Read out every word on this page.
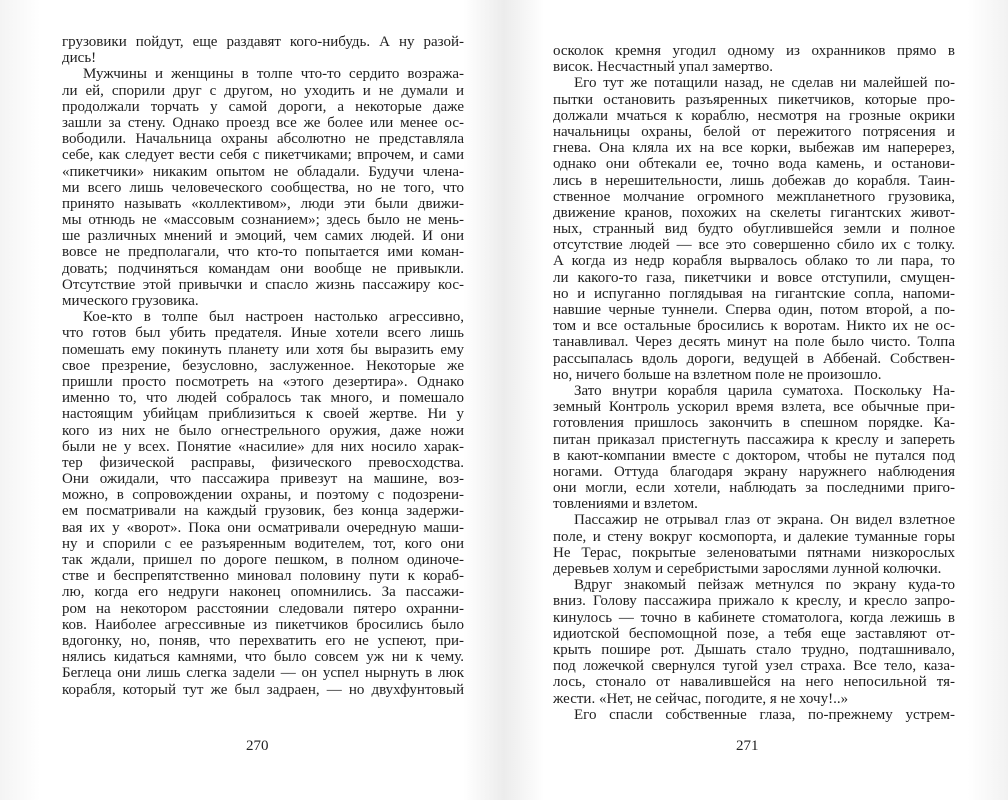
грузовики пойдут, еще раздавят кого-нибудь. А ну разой-
дись!
Мужчины и женщины в толпе что-то сердито возража-
ли ей, спорили друг с другом, но уходить и не думали и
продолжали торчать у самой дороги, а некоторые даже
зашли за стену. Однако проезд все же более или менее ос-
вободили. Начальница охраны абсолютно не представляла
себе, как следует вести себя с пикетчиками; впрочем, и сами
«пикетчики» никаким опытом не обладали. Будучи члена-
ми всего лишь человеческого сообщества, но не того, что
принято называть «коллективом», люди эти были движи-
мы отнюдь не «массовым сознанием»; здесь было не мень-
ше различных мнений и эмоций, чем самих людей. И они
вовсе не предполагали, что кто-то попытается ими коман-
довать; подчиняться командам они вообще не привыкли.
Отсутствие этой привычки и спасло жизнь пассажиру кос-
мического грузовика.
Кое-кто в толпе был настроен настолько агрессивно,
что готов был убить предателя. Иные хотели всего лишь
помешать ему покинуть планету или хотя бы выразить ему
свое презрение, безусловно, заслуженное. Некоторые же
пришли просто посмотреть на «этого дезертира». Однако
именно то, что людей собралось так много, и помешало
настоящим убийцам приблизиться к своей жертве. Ни у
кого из них не было огнестрельного оружия, даже ножи
были не у всех. Понятие «насилие» для них носило харак-
тер физической расправы, физического превосходства.
Они ожидали, что пассажира привезут на машине, воз-
можно, в сопровождении охраны, и поэтому с подозрени-
ем посматривали на каждый грузовик, без конца задержи-
вая их у «ворот». Пока они осматривали очередную маши-
ну и спорили с ее разъяренным водителем, тот, кого они
так ждали, пришел по дороге пешком, в полном одиноче-
стве и беспрепятственно миновал половину пути к кораб-
лю, когда его недруги наконец опомнились. За пассажи-
ром на некотором расстоянии следовали пятеро охранни-
ков. Наиболее агрессивные из пикетчиков бросились было
вдогонку, но, поняв, что перехватить его не успеют, при-
нялись кидаться камнями, что было совсем уж ни к чему.
Беглеца они лишь слегка задели — он успел нырнуть в люк
корабля, который тут же был задраен, — но двухфунтовый
осколок кремня угодил одному из охранников прямо в
висок. Несчастный упал замертво.
Его тут же потащили назад, не сделав ни малейшей по-
пытки остановить разъяренных пикетчиков, которые про-
должали мчаться к кораблю, несмотря на грозные окрики
начальницы охраны, белой от пережитого потрясения и
гнева. Она кляла их на все корки, выбежав им наперерез,
однако они обтекали ее, точно вода камень, и останови-
лись в нерешительности, лишь добежав до корабля. Таин-
ственное молчание огромного межпланетного грузовика,
движение кранов, похожих на скелеты гигантских живот-
ных, странный вид будто обуглившейся земли и полное
отсутствие людей — все это совершенно сбило их с толку.
А когда из недр корабля вырвалось облако то ли пара, то
ли какого-то газа, пикетчики и вовсе отступили, смущен-
но и испуганно поглядывая на гигантские сопла, напоми-
навшие черные туннели. Сперва один, потом второй, а по-
том и все остальные бросились к воротам. Никто их не ос-
танавливал. Через десять минут на поле было чисто. Толпа
рассыпалась вдоль дороги, ведущей в Аббенай. Собствен-
но, ничего больше на взлетном поле не произошло.
Зато внутри корабля царила суматоха. Поскольку На-
земный Контроль ускорил время взлета, все обычные при-
готовления пришлось закончить в спешном порядке. Ка-
питан приказал пристегнуть пассажира к креслу и запереть
в кают-компании вместе с доктором, чтобы не путался под
ногами. Оттуда благодаря экрану наружнего наблюдения
они могли, если хотели, наблюдать за последними приго-
товлениями и взлетом.
Пассажир не отрывал глаз от экрана. Он видел взлетное
поле, и стену вокруг космопорта, и далекие туманные горы
Не Терас, покрытые зеленоватыми пятнами низкорослых
деревьев холум и серебристыми зарослями лунной колючки.
Вдруг знакомый пейзаж метнулся по экрану куда-то
вниз. Голову пассажира прижало к креслу, и кресло запро-
кинулось — точно в кабинете стоматолога, когда лежишь в
идиотской беспомощной позе, а тебя еще заставляют от-
крыть пошире рот. Дышать стало трудно, подташнивало,
под ложечкой свернулся тугой узел страха. Все тело, каза-
лось, стонало от навалившейся на него непосильной тя-
жести. «Нет, не сейчас, погодите, я не хочу!..»
Его спасли собственные глаза, по-прежнему устрем-
270	271
